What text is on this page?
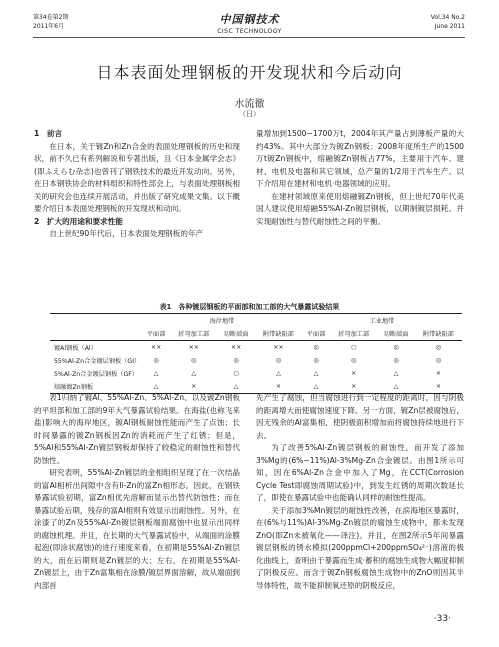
第34卷第2期
2011年6月
中国钢技术
CISC TECHNOLOGY
Vol.34 No.2
June 2011
日本表面处理钢板的开发现状和今后动向
水流徹
（日）

1　前言

在日本，关于镀Zn和Zn合金的表面处理钢板的历史和现状，前不久已有系列解说和专著出版，且《日本金属学会志》(即ふえらむ杂志)也曾刊了钢铁技术的最近开发动向。另外，在日本钢铁协会的材料组织和特性部会上，与表面处理钢板相关的研究会也连续开展活动，并出版了研究成果文集。以下概要介绍日本表面处理钢板的开发现状和动向。

2　扩大的用途和要求性能

自上世纪90年代后，日本表面处理钢板的年产

量增加到1500~1700万t，2004年其产量占到薄板产量的大约43%。其中大部分为镀Zn钢板；2008年度所生产的1500万t镀Zn钢板中，熔融镀Zn钢板占77%，主要用于汽车、建材、电机及电器和其它领域，总产量的1/2用于汽车生产。以下介绍用在建材和电机·电器领域的应用。

在建材领域原来使用熔融镀Zn钢板，但上世纪70年代美国人建议使用熔融55%Al-Zn镀层钢板，以期制镀层损耗、并实现耐蚀性与替代耐蚀性之间的平衡。

表1　各种镀层钢板的平面部和加工部的大气暴露试验结果
	海岸地带				工业地带			
	平面部	折弯加工部	切断端面	附带缺陷部	平面部	折弯加工部	切断端面	附带缺陷部
镀Al钢板（Al）	××	××	××	××	◎	○	◎	◎
55%Al-Zn合金镀层钢板（GI）	◎	◎	◎	◎	◎	◎	◎	◎
5%Al-Zn合金镀层钢板（GF）	△	△	○	△	△	×	△	×
熔融镀Zn钢板	△	×	△	×	△	×	△	×

表1归纳了镀Al、55%Al-Zn、5%Al-Zn、以及镀Zn钢板的平坦部和加工部的9年大气暴露试验结果。在海盐(也称飞来盐)影响大的海岸地区，镀Al钢板耐蚀性能而产生了点蚀；长时间暴露的镀Zn钢板因Zn的消耗而产生了红锈；但是，5%Al和55%Al-Zn镀层钢板却保持了较稳定的耐蚀性和替代防蚀性。

研究表明，55%Al-Zn镀层的金相组织呈现了在一次结晶的富Al相析出间隙中含有Ii-Zn的富Zn相形态。因此，在钢铁暴露试验初期，富Zn相优先溶解而显示出替代防蚀性；而在暴露试验后期，残存的富Al相则有效显示出耐蚀性。另外，在涂漆了的Zn及55%Al-Zn镀层钢板端面腐蚀中也显示出同样的腐蚀机理。并且，在长期的大气暴露试验中，从端面的涂膜起泡(即涂状腐蚀)的进行速度来看，在初期是55%Al-Zn镀层的大，而在后期则是Zn镀层的大；左右，在初期是55%Al-Zn镀层上，由于Zn富集相在涂膜/镀层界面溶解，故从端面到内部首

先产生了腐蚀，但当腐蚀进行到一定程度的距离时，因与阴极的距离增大而使腐蚀速度下降。另一方面，镀Zn层被腐蚀后，因无残余的Al富集相，使阴极面积增加而将腐蚀持续地进行下去。

为了改善5%Al-Zn镀层钢板的耐蚀性，而开发了添加3%Mg的(6%~11%)Al-3%Mg-Zn合金镀层。由图1所示可知，因在6%Al-Zn合金中加入了Mg，在CCT(Corrosion Cycle Test即腐蚀周期试验)中，到发生红锈的周期次数延长了，即使在暴露试验中也能确认同样的耐蚀性提高。

关于添加3%Mn镀层的耐蚀性改善，在滨海地区暴露时，在(6%与11%)Al-3%Mg-Zn镀层的腐蚀生成物中，都未发现ZnO(即Zn未被氧化——译注)。并且，在图2所示5年间暴露镀层钢板的锈水模拟(200ppmCl+200ppmSO₄²⁻)溶液的极化曲线上，查明由于暴露而生成·蓄积的腐蚀生成物大幅度抑制了阴极反应。而含于镀Zn钢板腐蚀生成物中的ZnO则因其半导体特性，故不能抑制氧还原的阴极反应，

·33·
